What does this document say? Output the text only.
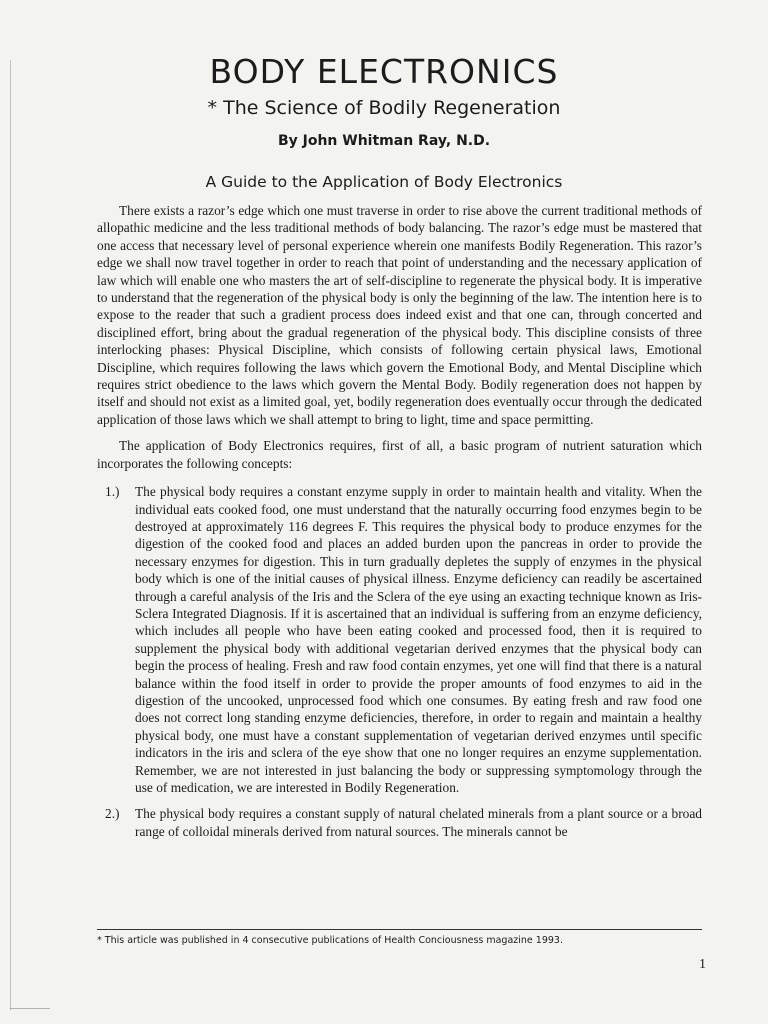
BODY ELECTRONICS
* The Science of Bodily Regeneration
By John Whitman Ray, N.D.
A Guide to the Application of Body Electronics

There exists a razor’s edge which one must traverse in order to rise above the current traditional methods of allopathic medicine and the less traditional methods of body balancing. The razor’s edge must be mastered that one access that necessary level of personal experience wherein one manifests Bodily Regeneration. This razor’s edge we shall now travel together in order to reach that point of understanding and the necessary application of law which will enable one who masters the art of self-discipline to regenerate the physical body. It is imperative to understand that the regeneration of the physical body is only the beginning of the law. The intention here is to expose to the reader that such a gradient process does indeed exist and that one can, through concerted and disciplined effort, bring about the gradual regeneration of the physical body. This discipline consists of three interlocking phases: Physical Discipline, which consists of following certain physical laws, Emotional Discipline, which requires following the laws which govern the Emotional Body, and Mental Discipline which requires strict obedience to the laws which govern the Mental Body. Bodily regeneration does not happen by itself and should not exist as a limited goal, yet, bodily regeneration does eventually occur through the dedicated application of those laws which we shall attempt to bring to light, time and space permitting.

The application of Body Electronics requires, first of all, a basic program of nutrient saturation which incorporates the following concepts:

1.) The physical body requires a constant enzyme supply in order to maintain health and vitality. When the individual eats cooked food, one must understand that the naturally occurring food enzymes begin to be destroyed at approximately 116 degrees F. This requires the physical body to produce enzymes for the digestion of the cooked food and places an added burden upon the pancreas in order to provide the necessary enzymes for digestion. This in turn gradually depletes the supply of enzymes in the physical body which is one of the initial causes of physical illness. Enzyme deficiency can readily be ascertained through a careful analysis of the Iris and the Sclera of the eye using an exacting technique known as Iris-Sclera Integrated Diagnosis. If it is ascertained that an individual is suffering from an enzyme deficiency, which includes all people who have been eating cooked and processed food, then it is required to supplement the physical body with additional vegetarian derived enzymes that the physical body can begin the process of healing. Fresh and raw food contain enzymes, yet one will find that there is a natural balance within the food itself in order to provide the proper amounts of food enzymes to aid in the digestion of the uncooked, unprocessed food which one consumes. By eating fresh and raw food one does not correct long standing enzyme deficiencies, therefore, in order to regain and maintain a healthy physical body, one must have a constant supplementation of vegetarian derived enzymes until specific indicators in the iris and sclera of the eye show that one no longer requires an enzyme supplementation. Remember, we are not interested in just balancing the body or suppressing symptomology through the use of medication, we are interested in Bodily Regeneration.
2.) The physical body requires a constant supply of natural chelated minerals from a plant source or a broad range of colloidal minerals derived from natural sources. The minerals cannot be
* This article was published in 4 consecutive publications of Health Conciousness magazine 1993.
1
